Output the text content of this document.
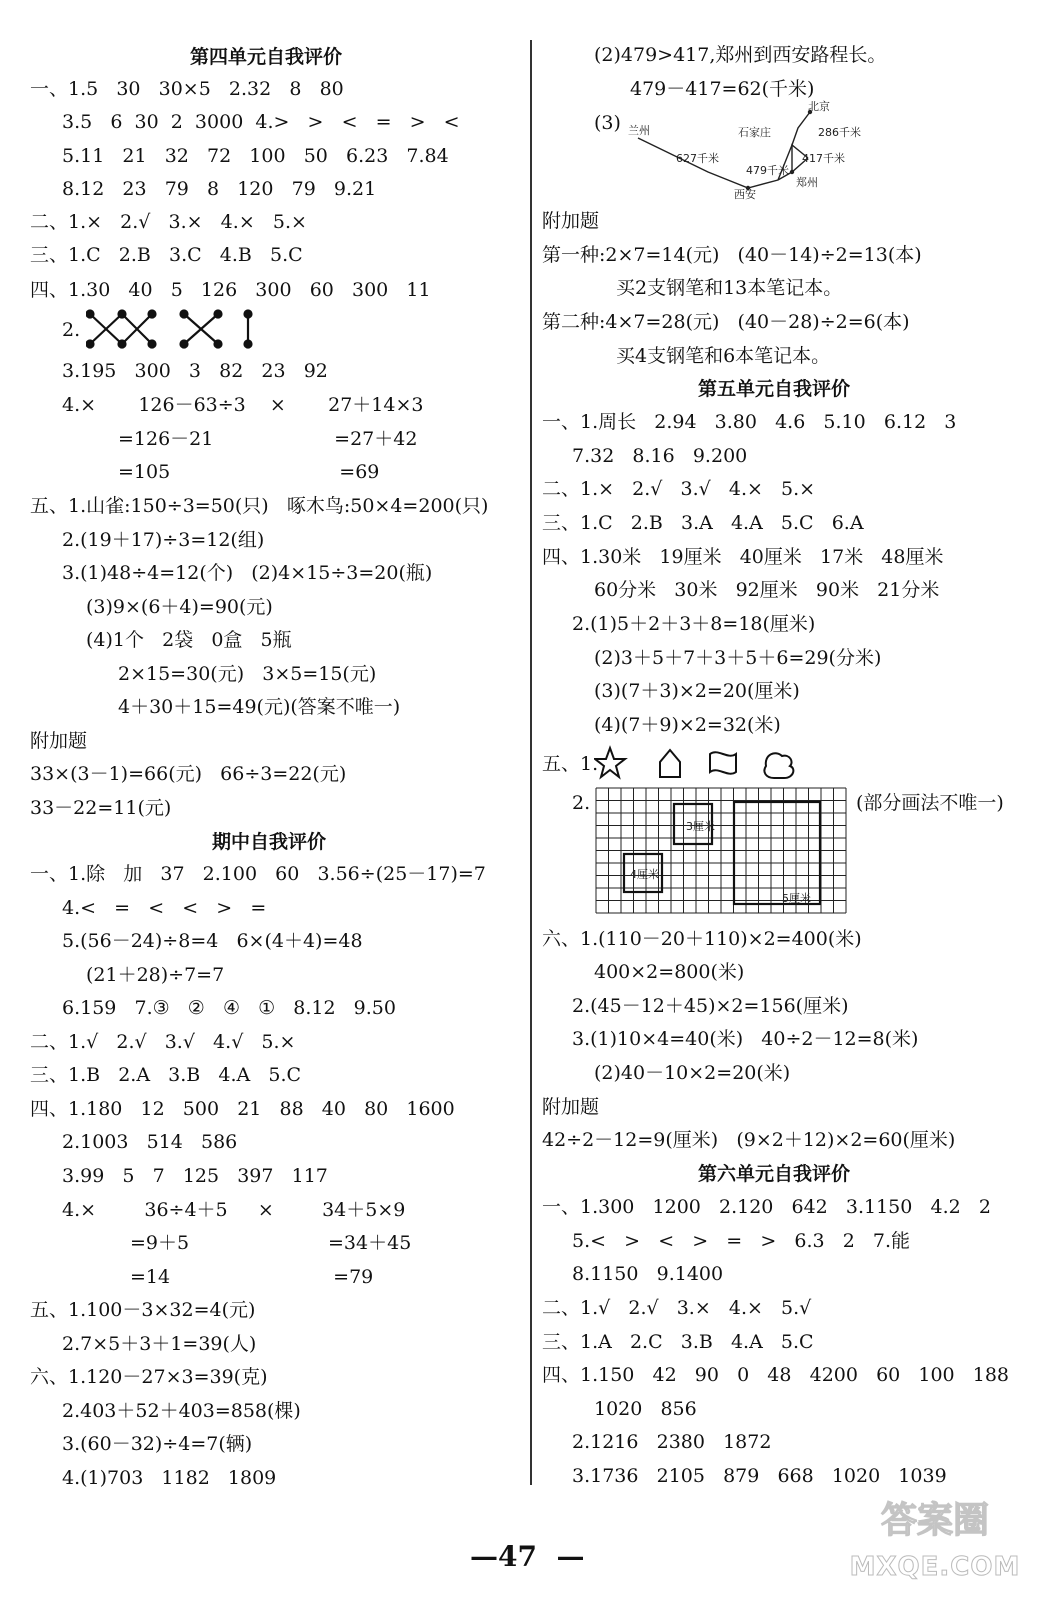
第四单元自我评价
一、1.5   30   30×5   2.32   8   80
3.5   6  30  2  3000  4.>   >   <   =   >   <
5.11   21   32   72   100   50   6.23   7.84
8.12   23   79   8   120   79   9.21
二、1.×   2.√   3.×   4.×   5.×
三、1.C   2.B   3.C   4.B   5.C
四、1.30   40   5   126   300   60   300   11
2.
3.195   300   3   82   23   92
4.×       126－63÷3    ×       27＋14×3
=126－21                    =27＋42
=105                            =69
五、1.山雀:150÷3=50(只)   啄木鸟:50×4=200(只)
2.(19＋17)÷3=12(组)
3.(1)48÷4=12(个)   (2)4×15÷3=20(瓶)
(3)9×(6＋4)=90(元)
(4)1个   2袋   0盒   5瓶
2×15=30(元)   3×5=15(元)
4＋30＋15=49(元)(答案不唯一)
附加题
33×(3－1)=66(元)   66÷3=22(元)
33－22=11(元)
期中自我评价
一、1.除   加   37   2.100   60   3.56÷(25－17)=7
4.<   =   <   <   >   =
5.(56－24)÷8=4   6×(4＋4)=48
(21＋28)÷7=7
6.159   7.③   ②   ④   ①   8.12   9.50
二、1.√   2.√   3.√   4.√   5.×
三、1.B   2.A   3.B   4.A   5.C
四、1.180   12   500   21   88   40   80   1600
2.1003   514   586
3.99   5   7   125   397   117
4.×        36÷4＋5     ×        34＋5×9
=9＋5                       =34＋45
=14                           =79
五、1.100－3×32=4(元)
2.7×5＋3＋1=39(人)
六、1.120－27×3=39(克)
2.403＋52＋403=858(棵)
3.(60－32)÷4=7(辆)
4.(1)703   1182   1809
(2)479>417,郑州到西安路程长。
479－417=62(千米)
(3) 兰州
北京
石家庄
西安
郑州
286千米
417千米
627千米
479千米
附加题
第一种:2×7=14(元)   (40－14)÷2=13(本)
买2支钢笔和13本笔记本。
第二种:4×7=28(元)   (40－28)÷2=6(本)
买4支钢笔和6本笔记本。
第五单元自我评价
一、1.周长   2.94   3.80   4.6   5.10   6.12   3
7.32   8.16   9.200
二、1.×   2.√   3.√   4.×   5.×
三、1.C   2.B   3.A   4.A   5.C   6.A
四、1.30米   19厘米   40厘米   17米   48厘米
60分米   30米   92厘米   90米   21分米
2.(1)5＋2＋3＋8=18(厘米)
(2)3＋5＋7＋3＋5＋6=29(分米)
(3)(7＋3)×2=20(厘米)
(4)(7＋9)×2=32(米)
五、1.
2.
3厘米
4厘米
5厘米
(部分画法不唯一)
六、1.(110－20＋110)×2=400(米)
400×2=800(米)
2.(45－12＋45)×2=156(厘米)
3.(1)10×4=40(米)   40÷2－12=8(米)
(2)40－10×2=20(米)
附加题
42÷2－12=9(厘米)   (9×2＋12)×2=60(厘米)
第六单元自我评价
一、1.300   1200   2.120   642   3.1150   4.2   2
5.<   >   <   >   =   >   6.3   2   7.能
8.1150   9.1400
二、1.√   2.√   3.×   4.×   5.√
三、1.A   2.C   3.B   4.A   5.C
四、1.150   42   90   0   48   4200   60   100   188
1020   856
2.1216   2380   1872
3.1736   2105   879   668   1020   1039
—47  —
答案圈
MXQE.COM
